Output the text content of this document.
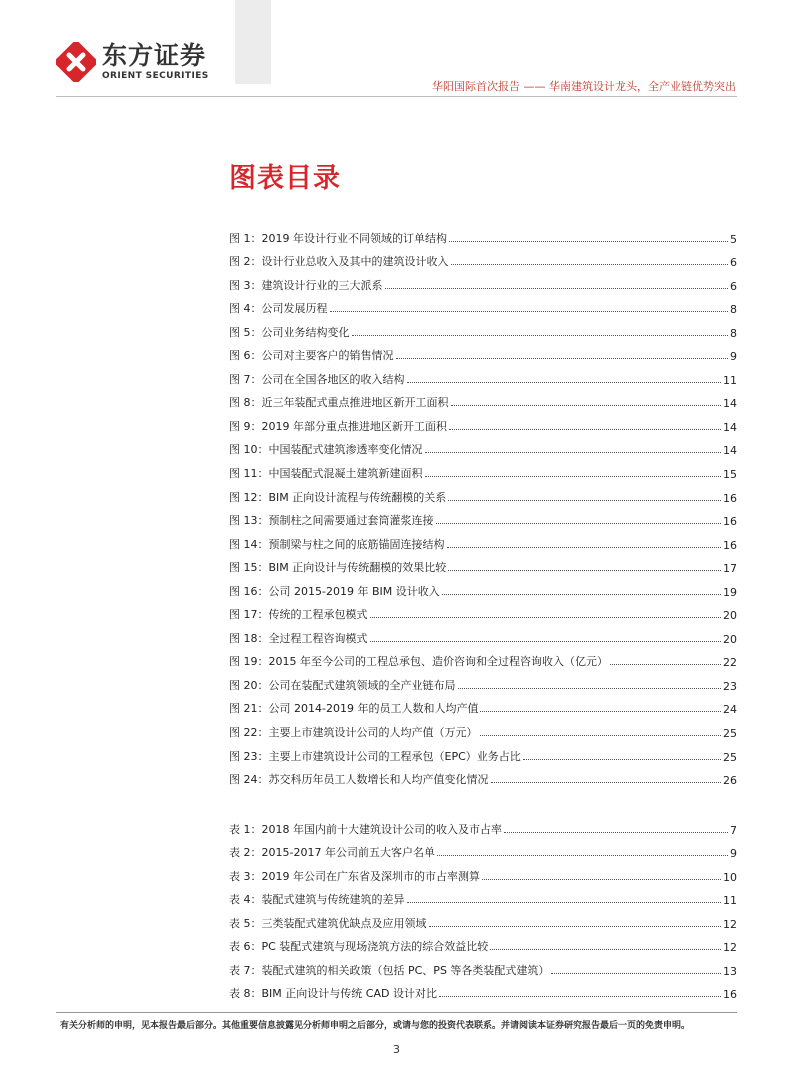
东方证券
ORIENT SECURITIES
华阳国际首次报告 —— 华南建筑设计龙头，全产业链优势突出
图表目录
图 1：2019 年设计行业不同领域的订单结构	5
图 2：设计行业总收入及其中的建筑设计收入	6
图 3：建筑设计行业的三大派系	6
图 4：公司发展历程	8
图 5：公司业务结构变化	8
图 6：公司对主要客户的销售情况	9
图 7：公司在全国各地区的收入结构	11
图 8：近三年装配式重点推进地区新开工面积	14
图 9：2019 年部分重点推进地区新开工面积	14
图 10：中国装配式建筑渗透率变化情况	14
图 11：中国装配式混凝土建筑新建面积	15
图 12：BIM 正向设计流程与传统翻模的关系	16
图 13：预制柱之间需要通过套筒灌浆连接	16
图 14：预制梁与柱之间的底筋锚固连接结构	16
图 15：BIM 正向设计与传统翻模的效果比较	17
图 16：公司 2015-2019 年 BIM 设计收入	19
图 17：传统的工程承包模式	20
图 18：全过程工程咨询模式	20
图 19：2015 年至今公司的工程总承包、造价咨询和全过程咨询收入（亿元）	22
图 20：公司在装配式建筑领域的全产业链布局	23
图 21：公司 2014-2019 年的员工人数和人均产值	24
图 22：主要上市建筑设计公司的人均产值（万元）	25
图 23：主要上市建筑设计公司的工程承包（EPC）业务占比	25
图 24：苏交科历年员工人数增长和人均产值变化情况	26
表 1：2018 年国内前十大建筑设计公司的收入及市占率	7
表 2：2015-2017 年公司前五大客户名单	9
表 3：2019 年公司在广东省及深圳市的市占率测算	10
表 4：装配式建筑与传统建筑的差异	11
表 5：三类装配式建筑优缺点及应用领域	12
表 6：PC 装配式建筑与现场浇筑方法的综合效益比较	12
表 7：装配式建筑的相关政策（包括 PC、PS 等各类装配式建筑）	13
表 8：BIM 正向设计与传统 CAD 设计对比	16
有关分析师的申明，见本报告最后部分。其他重要信息披露见分析师申明之后部分，或请与您的投资代表联系。并请阅读本证券研究报告最后一页的免责申明。
3
